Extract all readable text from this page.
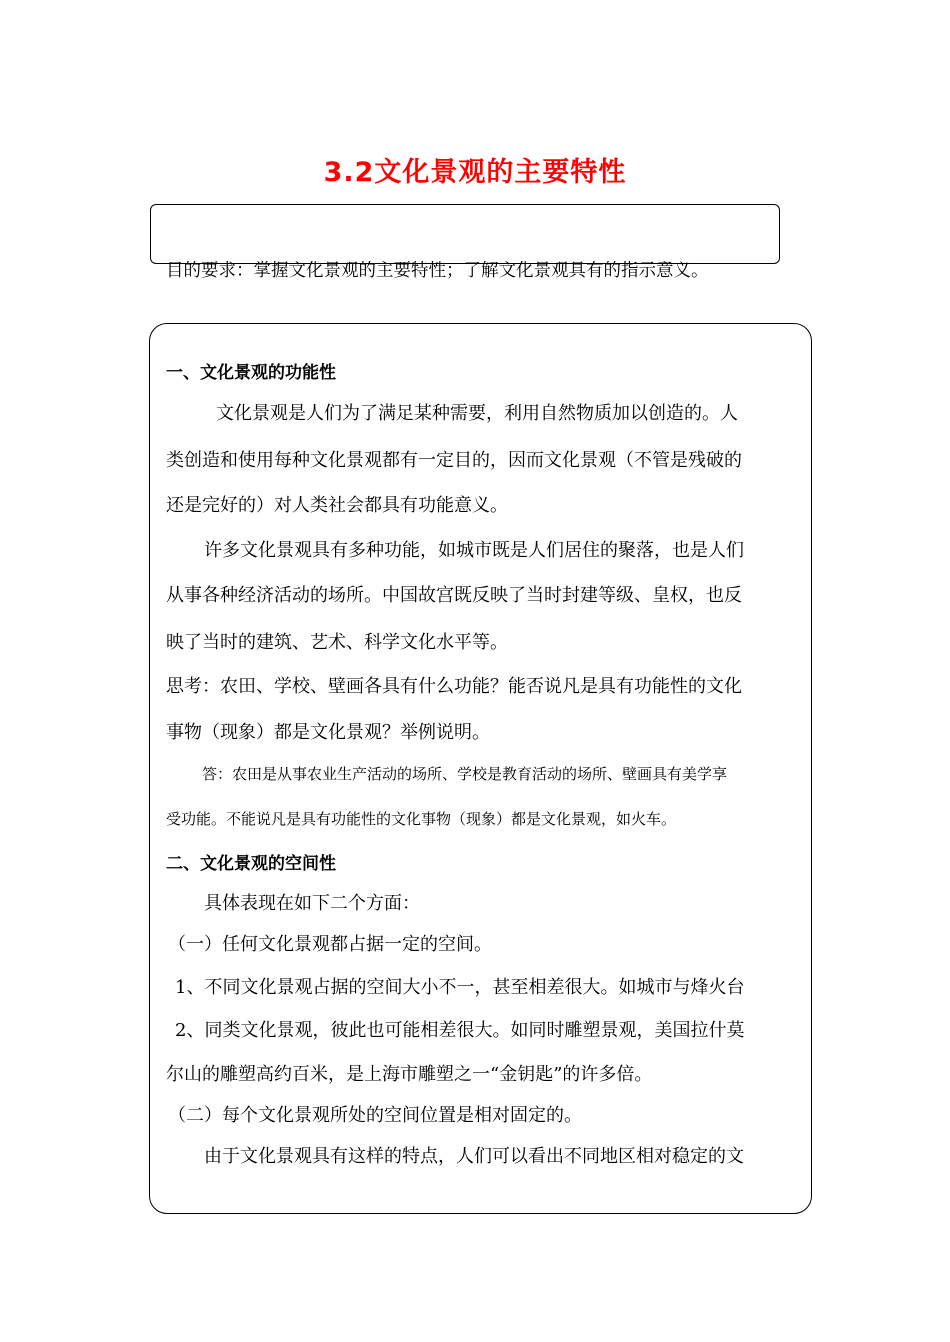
3.2文化景观的主要特性
目的要求：掌握文化景观的主要特性；了解文化景观具有的指示意义。
一、文化景观的功能性
文化景观是人们为了满足某种需要，利用自然物质加以创造的。人
类创造和使用每种文化景观都有一定目的，因而文化景观（不管是残破的
还是完好的）对人类社会都具有功能意义。
许多文化景观具有多种功能，如城市既是人们居住的聚落，也是人们
从事各种经济活动的场所。中国故宫既反映了当时封建等级、皇权，也反
映了当时的建筑、艺术、科学文化水平等。
思考：农田、学校、壁画各具有什么功能？能否说凡是具有功能性的文化
事物（现象）都是文化景观？举例说明。
答：农田是从事农业生产活动的场所、学校是教育活动的场所、壁画具有美学享
受功能。不能说凡是具有功能性的文化事物（现象）都是文化景观，如火车。
二、文化景观的空间性
具体表现在如下二个方面：
（一）任何文化景观都占据一定的空间。
1、不同文化景观占据的空间大小不一，甚至相差很大。如城市与烽火台
2、同类文化景观，彼此也可能相差很大。如同时雕塑景观，美国拉什莫
尔山的雕塑高约百米，是上海市雕塑之一“金钥匙”的许多倍。
（二）每个文化景观所处的空间位置是相对固定的。
由于文化景观具有这样的特点，人们可以看出不同地区相对稳定的文
